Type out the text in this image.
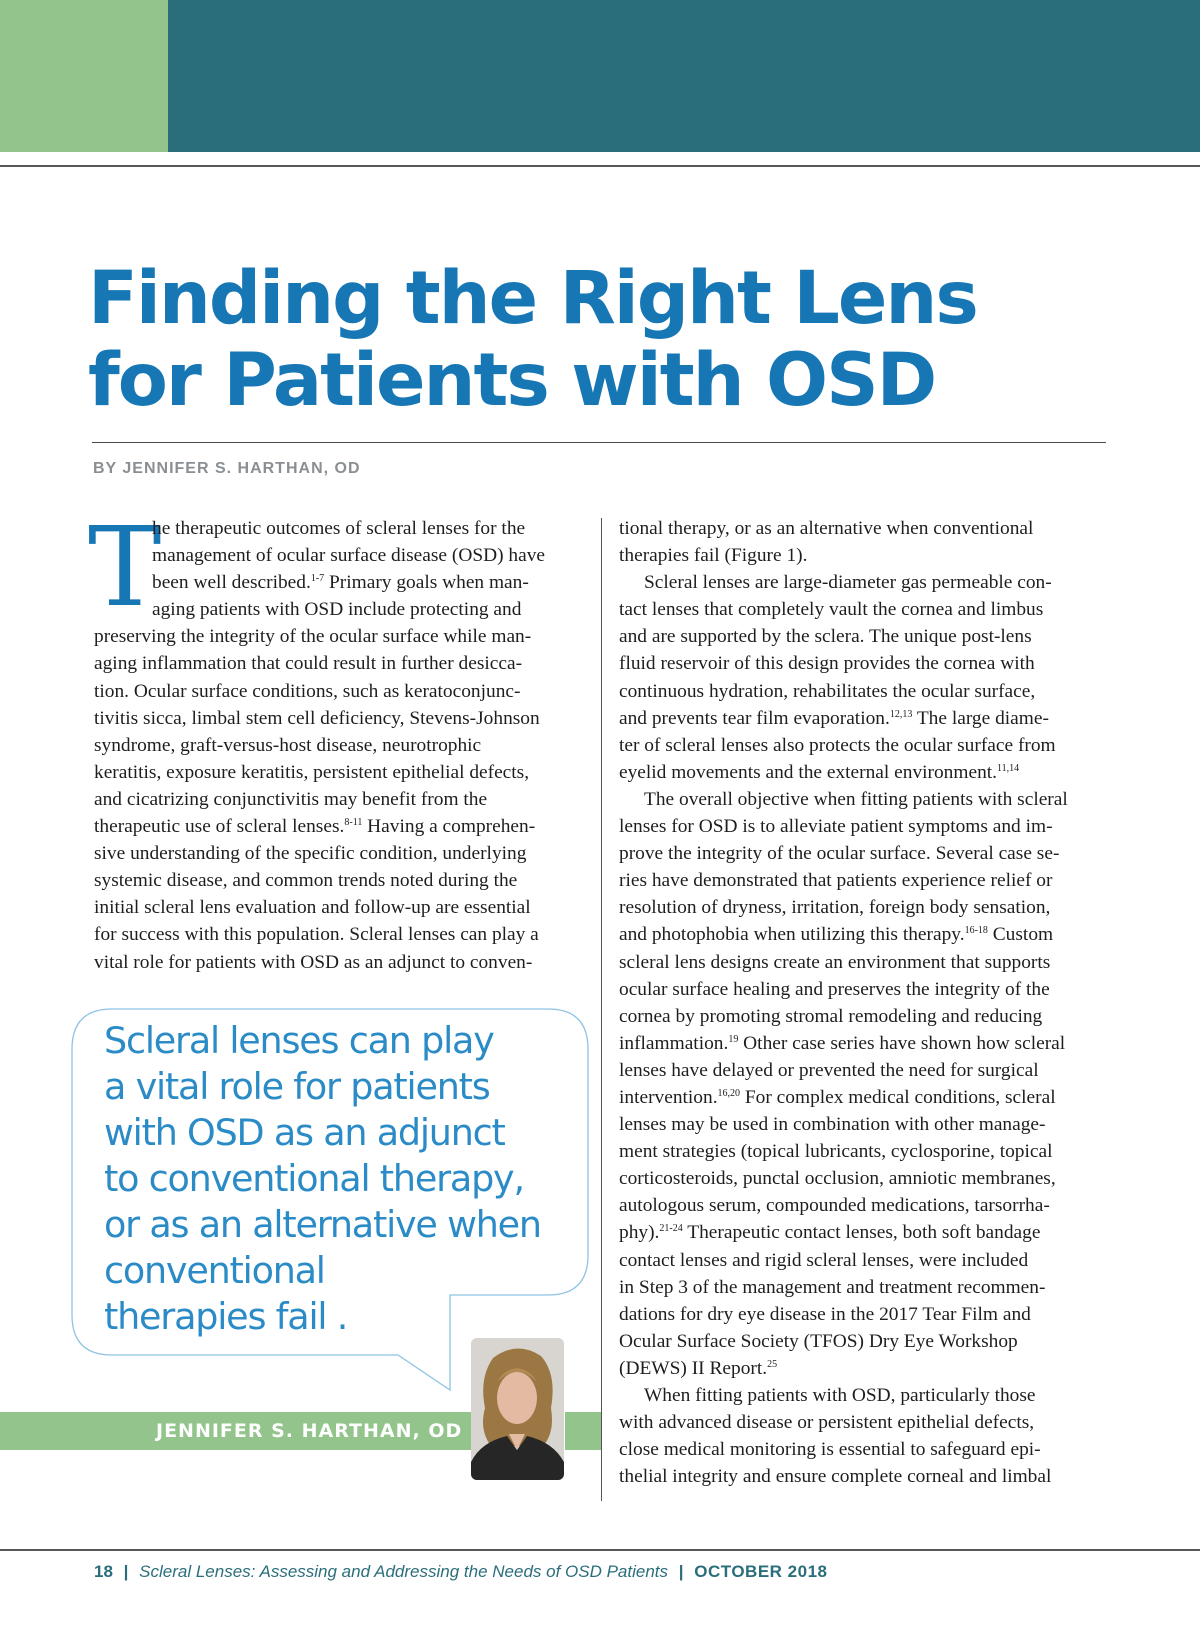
Finding the Right Lens
for Patients with OSD
BY JENNIFER S. HARTHAN, OD
T
he therapeutic outcomes of scleral lenses for the
management of ocular surface disease (OSD) have
been well described.$^{1-7}$ Primary goals when man-
aging patients with OSD include protecting and
preserving the integrity of the ocular surface while man-
aging inflammation that could result in further desicca-
tion. Ocular surface conditions, such as keratoconjunc-
tivitis sicca, limbal stem cell deficiency, Stevens-Johnson
syndrome, graft-versus-host disease, neurotrophic
keratitis, exposure keratitis, persistent epithelial defects,
and cicatrizing conjunctivitis may benefit from the
therapeutic use of scleral lenses.$^{8-11}$ Having a comprehen-
sive understanding of the specific condition, underlying
systemic disease, and common trends noted during the
initial scleral lens evaluation and follow-up are essential
for success with this population. Scleral lenses can play a
vital role for patients with OSD as an adjunct to conven-
tional therapy, or as an alternative when conventional
therapies fail (Figure 1).
Scleral lenses are large-diameter gas permeable con-
tact lenses that completely vault the cornea and limbus
and are supported by the sclera. The unique post-lens
fluid reservoir of this design provides the cornea with
continuous hydration, rehabilitates the ocular surface,
and prevents tear film evaporation.$^{12,13}$ The large diame-
ter of scleral lenses also protects the ocular surface from
eyelid movements and the external environment.$^{11,14}$
The overall objective when fitting patients with scleral
lenses for OSD is to alleviate patient symptoms and im-
prove the integrity of the ocular surface. Several case se-
ries have demonstrated that patients experience relief or
resolution of dryness, irritation, foreign body sensation,
and photophobia when utilizing this therapy.$^{16-18}$ Custom
scleral lens designs create an environment that supports
ocular surface healing and preserves the integrity of the
cornea by promoting stromal remodeling and reducing
inflammation.$^{19}$ Other case series have shown how scleral
lenses have delayed or prevented the need for surgical
intervention.$^{16,20}$ For complex medical conditions, scleral
lenses may be used in combination with other manage-
ment strategies (topical lubricants, cyclosporine, topical
corticosteroids, punctal occlusion, amniotic membranes,
autologous serum, compounded medications, tarsorrha-
phy).$^{21-24}$ Therapeutic contact lenses, both soft bandage
contact lenses and rigid scleral lenses, were included
in Step 3 of the management and treatment recommen-
dations for dry eye disease in the 2017 Tear Film and
Ocular Surface Society (TFOS) Dry Eye Workshop
(DEWS) II Report.$^{25}$
When fitting patients with OSD, particularly those
with advanced disease or persistent epithelial defects,
close medical monitoring is essential to safeguard epi-
thelial integrity and ensure complete corneal and limbal
Scleral lenses can play
a vital role for patients
with OSD as an adjunct
to conventional therapy,
or as an alternative when
conventional
therapies fail .
JENNIFER S. HARTHAN, OD
18 | Scleral Lenses: Assessing and Addressing the Needs of OSD Patients | OCTOBER 2018
